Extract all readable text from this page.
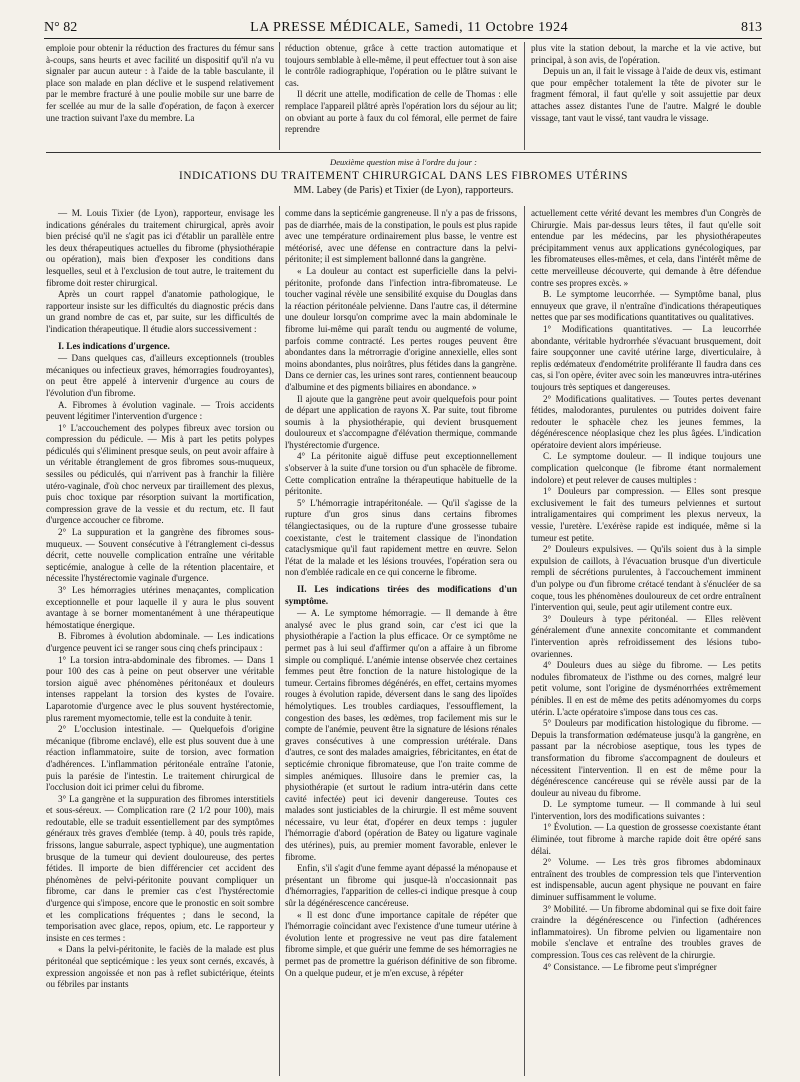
N° 82	LA PRESSE MÉDICALE, Samedi, 11 Octobre 1924	813

emploie pour obtenir la réduction des fractures du fémur sans à-coups, sans heurts et avec facilité un dispositif qu'il n'a vu signaler par aucun auteur : à l'aide de la table basculante, il place son malade en plan déclive et le suspend relativement par le membre fracturé à une poulie mobile sur une barre de fer scellée au mur de la salle d'opération, de façon à exercer une traction suivant l'axe du membre. La

réduction obtenue, grâce à cette traction automatique et toujours semblable à elle-même, il peut effectuer tout à son aise le contrôle radiographique, l'opération ou le plâtre suivant le cas.

Il décrit une attelle, modification de celle de Thomas : elle remplace l'appareil plâtré après l'opération lors du séjour au lit; on obviant au porte à faux du col fémoral, elle permet de faire reprendre

plus vite la station debout, la marche et la vie active, but principal, à son avis, de l'opération.

Depuis un an, il fait le vissage à l'aide de deux vis, estimant que pour empêcher totalement la tête de pivoter sur le fragment fémoral, il faut qu'elle y soit assujettie par deux attaches assez distantes l'une de l'autre. Malgré le double vissage, tant vaut le vissé, tant vaudra le vissage.

Deuxième question mise à l'ordre du jour :
INDICATIONS DU TRAITEMENT CHIRURGICAL DANS LES FIBROMES UTÉRINS
MM. Labey (de Paris) et Tixier (de Lyon), rapporteurs.

— M. Louis Tixier (de Lyon), rapporteur, envisage les indications générales du traitement chirurgical, après avoir bien précisé qu'il ne s'agit pas ici d'établir un parallèle entre les deux thérapeutiques actuelles du fibrome (physiothérapie ou opération), mais bien d'exposer les conditions dans lesquelles, seul et à l'exclusion de tout autre, le traitement du fibrome doit rester chirurgical.

Après un court rappel d'anatomie pathologique, le rapporteur insiste sur les difficultés du diagnostic précis dans un grand nombre de cas et, par suite, sur les difficultés de l'indication thérapeutique. Il étudie alors successivement :

I. Les indications d'urgence.

— Dans quelques cas, d'ailleurs exceptionnels (troubles mécaniques ou infectieux graves, hémorragies foudroyantes), on peut être appelé à intervenir d'urgence au cours de l'évolution d'un fibrome.

A. Fibromes à évolution vaginale. — Trois accidents peuvent légitimer l'intervention d'urgence :

1° L'accouchement des polypes fibreux avec torsion ou compression du pédicule. — Mis à part les petits polypes pédiculés qui s'éliminent presque seuls, on peut avoir affaire à un véritable étranglement de gros fibromes sous-muqueux, sessiles ou pédiculés, qui n'arrivent pas à franchir la filière utéro-vaginale, d'où choc nerveux par tiraillement des plexus, puis choc toxique par résorption suivant la mortification, compression grave de la vessie et du rectum, etc. Il faut d'urgence accoucher ce fibrome.

2° La suppuration et la gangrène des fibromes sous-muqueux. — Souvent consécutive à l'étranglement ci-dessus décrit, cette nouvelle complication entraîne une véritable septicémie, analogue à celle de la rétention placentaire, et nécessite l'hystérectomie vaginale d'urgence.

3° Les hémorragies utérines menaçantes, complication exceptionnelle et pour laquelle il y aura le plus souvent avantage à se borner momentanément à une thérapeutique hémostatique énergique.

B. Fibromes à évolution abdominale. — Les indications d'urgence peuvent ici se ranger sous cinq chefs principaux :

1° La torsion intra-abdominale des fibromes. — Dans 1 pour 100 des cas à peine on peut observer une véritable torsion aiguë avec phénomènes péritonéaux et douleurs intenses rappelant la torsion des kystes de l'ovaire. Laparotomie d'urgence avec le plus souvent hystérectomie, plus rarement myomectomie, telle est la conduite à tenir.

2° L'occlusion intestinale. — Quelquefois d'origine mécanique (fibrome enclavé), elle est plus souvent due à une réaction inflammatoire, suite de torsion, avec formation d'adhérences. L'inflammation péritonéale entraîne l'atonie, puis la parésie de l'intestin. Le traitement chirurgical de l'occlusion doit ici primer celui du fibrome.

3° La gangrène et la suppuration des fibromes interstitiels et sous-séreux. — Complication rare (2 1/2 pour 100), mais redoutable, elle se traduit essentiellement par des symptômes généraux très graves d'emblée (temp. à 40, pouls très rapide, frissons, langue saburrale, aspect typhique), une augmentation brusque de la tumeur qui devient douloureuse, des pertes fétides. Il importe de bien différencier cet accident des phénomènes de pelvi-péritonite pouvant compliquer un fibrome, car dans le premier cas c'est l'hystérectomie d'urgence qui s'impose, encore que le pronostic en soit sombre et les complications fréquentes ; dans le second, la temporisation avec glace, repos, opium, etc. Le rapporteur y insiste en ces termes :

« Dans la pelvi-péritonite, le faciès de la malade est plus péritonéal que septicémique : les yeux sont cernés, excavés, à expression angoissée et non pas à reflet subictérique, éteints ou fébriles par instants

comme dans la septicémie gangreneuse. Il n'y a pas de frissons, pas de diarrhée, mais de la constipation, le pouls est plus rapide avec une température ordinairement plus basse, le ventre est météorisé, avec une défense en contracture dans la pelvi-péritonite; il est simplement ballonné dans la gangrène.

« La douleur au contact est superficielle dans la pelvi-péritonite, profonde dans l'infection intra-fibromateuse. Le toucher vaginal révèle une sensibilité exquise du Douglas dans la réaction péritonéale pelvienne. Dans l'autre cas, il détermine une douleur lorsqu'on comprime avec la main abdominale le fibrome lui-même qui paraît tendu ou augmenté de volume, parfois comme contracté. Les pertes rouges peuvent être abondantes dans la métrorragie d'origine annexielle, elles sont moins abondantes, plus noirâtres, plus fétides dans la gangrène. Dans ce dernier cas, les urines sont rares, contiennent beaucoup d'albumine et des pigments biliaires en abondance. »

Il ajoute que la gangrène peut avoir quelquefois pour point de départ une application de rayons X. Par suite, tout fibrome soumis à la physiothérapie, qui devient brusquement douloureux et s'accompagne d'élévation thermique, commande l'hystérectomie d'urgence.

4° La péritonite aiguë diffuse peut exceptionnellement s'observer à la suite d'une torsion ou d'un sphacèle de fibrome. Cette complication entraîne la thérapeutique habituelle de la péritonite.

5° L'hémorragie intrapéritonéale. — Qu'il s'agisse de la rupture d'un gros sinus dans certains fibromes télangiectasiques, ou de la rupture d'une grossesse tubaire coexistante, c'est le traitement classique de l'inondation cataclysmique qu'il faut rapidement mettre en œuvre. Selon l'état de la malade et les lésions trouvées, l'opération sera ou non d'emblée radicale en ce qui concerne le fibrome.

II. Les indications tirées des modifications d'un symptôme.

— A. Le symptome hémorragie. — Il demande à être analysé avec le plus grand soin, car c'est ici que la physiothérapie a l'action la plus efficace. Or ce symptôme ne permet pas à lui seul d'affirmer qu'on a affaire à un fibrome simple ou compliqué. L'anémie intense observée chez certaines femmes peut être fonction de la nature histologique de la tumeur. Certains fibromes dégénérés, en effet, certains myomes rouges à évolution rapide, déversent dans le sang des lipoïdes hémolytiques. Les troubles cardiaques, l'essoufflement, la congestion des bases, les œdèmes, trop facilement mis sur le compte de l'anémie, peuvent être la signature de lésions rénales graves consécutives à une compression urétérale. Dans d'autres, ce sont des malades amaigries, fébricitantes, en état de septicémie chronique fibromateuse, que l'on traite comme de simples anémiques. Illusoire dans le premier cas, la physiothérapie (et surtout le radium intra-utérin dans cette cavité infectée) peut ici devenir dangereuse. Toutes ces malades sont justiciables de la chirurgie. Il est même souvent nécessaire, vu leur état, d'opérer en deux temps : juguler l'hémorragie d'abord (opération de Batey ou ligature vaginale des utérines), puis, au premier moment favorable, enlever le fibrome.

Enfin, s'il s'agit d'une femme ayant dépassé la ménopause et présentant un fibrome qui jusque-là n'occasionnait pas d'hémorragies, l'apparition de celles-ci indique presque à coup sûr la dégénérescence cancéreuse.

« Il est donc d'une importance capitale de répéter que l'hémorragie coïncidant avec l'existence d'une tumeur utérine à évolution lente et progressive ne veut pas dire fatalement fibrome simple, et que guérir une femme de ses hémorragies ne permet pas de promettre la guérison définitive de son fibrome. On a quelque pudeur, et je m'en excuse, à répéter

actuellement cette vérité devant les membres d'un Congrès de Chirurgie. Mais par-dessus leurs têtes, il faut qu'elle soit entendue par les médecins, par les physiothérapeutes précipitamment venus aux applications gynécologiques, par les fibromateuses elles-mêmes, et cela, dans l'intérêt même de cette merveilleuse découverte, qui demande à être défendue contre ses propres excès. »

B. Le symptome leucorrhée. — Symptôme banal, plus ennuyeux que grave, il n'entraîne d'indications thérapeutiques nettes que par ses modifications quantitatives ou qualitatives.

1° Modifications quantitatives. — La leucorrhée abondante, véritable hydrorrhée s'évacuant brusquement, doit faire soupçonner une cavité utérine large, diverticulaire, à replis œdémateux d'endométrite proliférante Il faudra dans ces cas, si l'on opère, éviter avec soin les manœuvres intra-utérines toujours très septiques et dangereuses.

2° Modifications qualitatives. — Toutes pertes devenant fétides, malodorantes, purulentes ou putrides doivent faire redouter le sphacèle chez les jeunes femmes, la dégénérescence néoplasique chez les plus âgées. L'indication opératoire devient alors impérieuse.

C. Le symptome douleur. — Il indique toujours une complication quelconque (le fibrome étant normalement indolore) et peut relever de causes multiples :

1° Douleurs par compression. — Elles sont presque exclusivement le fait des tumeurs pelviennes et surtout intraligamentaires qui compriment les plexus nerveux, la vessie, l'uretère. L'exérèse rapide est indiquée, même si la tumeur est petite.

2° Douleurs expulsives. — Qu'ils soient dus à la simple expulsion de caillots, à l'évacuation brusque d'un diverticule rempli de sécrétions purulentes, à l'accouchement imminent d'un polype ou d'un fibrome crétacé tendant à s'énucléer de sa coque, tous les phénomènes douloureux de cet ordre entraînent l'intervention qui, seule, peut agir utilement contre eux.

3° Douleurs à type péritonéal. — Elles relèvent généralement d'une annexite concomitante et commandent l'intervention après refroidissement des lésions tubo-ovariennes.

4° Douleurs dues au siège du fibrome. — Les petits nodules fibromateux de l'isthme ou des cornes, malgré leur petit volume, sont l'origine de dysménorrhées extrêmement pénibles. Il en est de même des petits adénomyomes du corps utérin. L'acte opératoire s'impose dans tous ces cas.

5° Douleurs par modification histologique du fibrome. — Depuis la transformation œdémateuse jusqu'à la gangrène, en passant par la nécrobiose aseptique, tous les types de transformation du fibrome s'accompagnent de douleurs et nécessitent l'intervention. Il en est de même pour la dégénérescence cancéreuse qui se révèle aussi par de la douleur au niveau du fibrome.

D. Le symptome tumeur. — Il commande à lui seul l'intervention, lors des modifications suivantes :

1° Évolution. — La question de grossesse coexistante étant éliminée, tout fibrome à marche rapide doit être opéré sans délai.

2° Volume. — Les très gros fibromes abdominaux entraînent des troubles de compression tels que l'intervention est indispensable, aucun agent physique ne pouvant en faire diminuer suffisamment le volume.

3° Mobilité. — Un fibrome abdominal qui se fixe doit faire craindre la dégénérescence ou l'infection (adhérences inflammatoires). Un fibrome pelvien ou ligamentaire non mobile s'enclave et entraîne des troubles graves de compression. Tous ces cas relèvent de la chirurgie.

4° Consistance. — Le fibrome peut s'imprégner
